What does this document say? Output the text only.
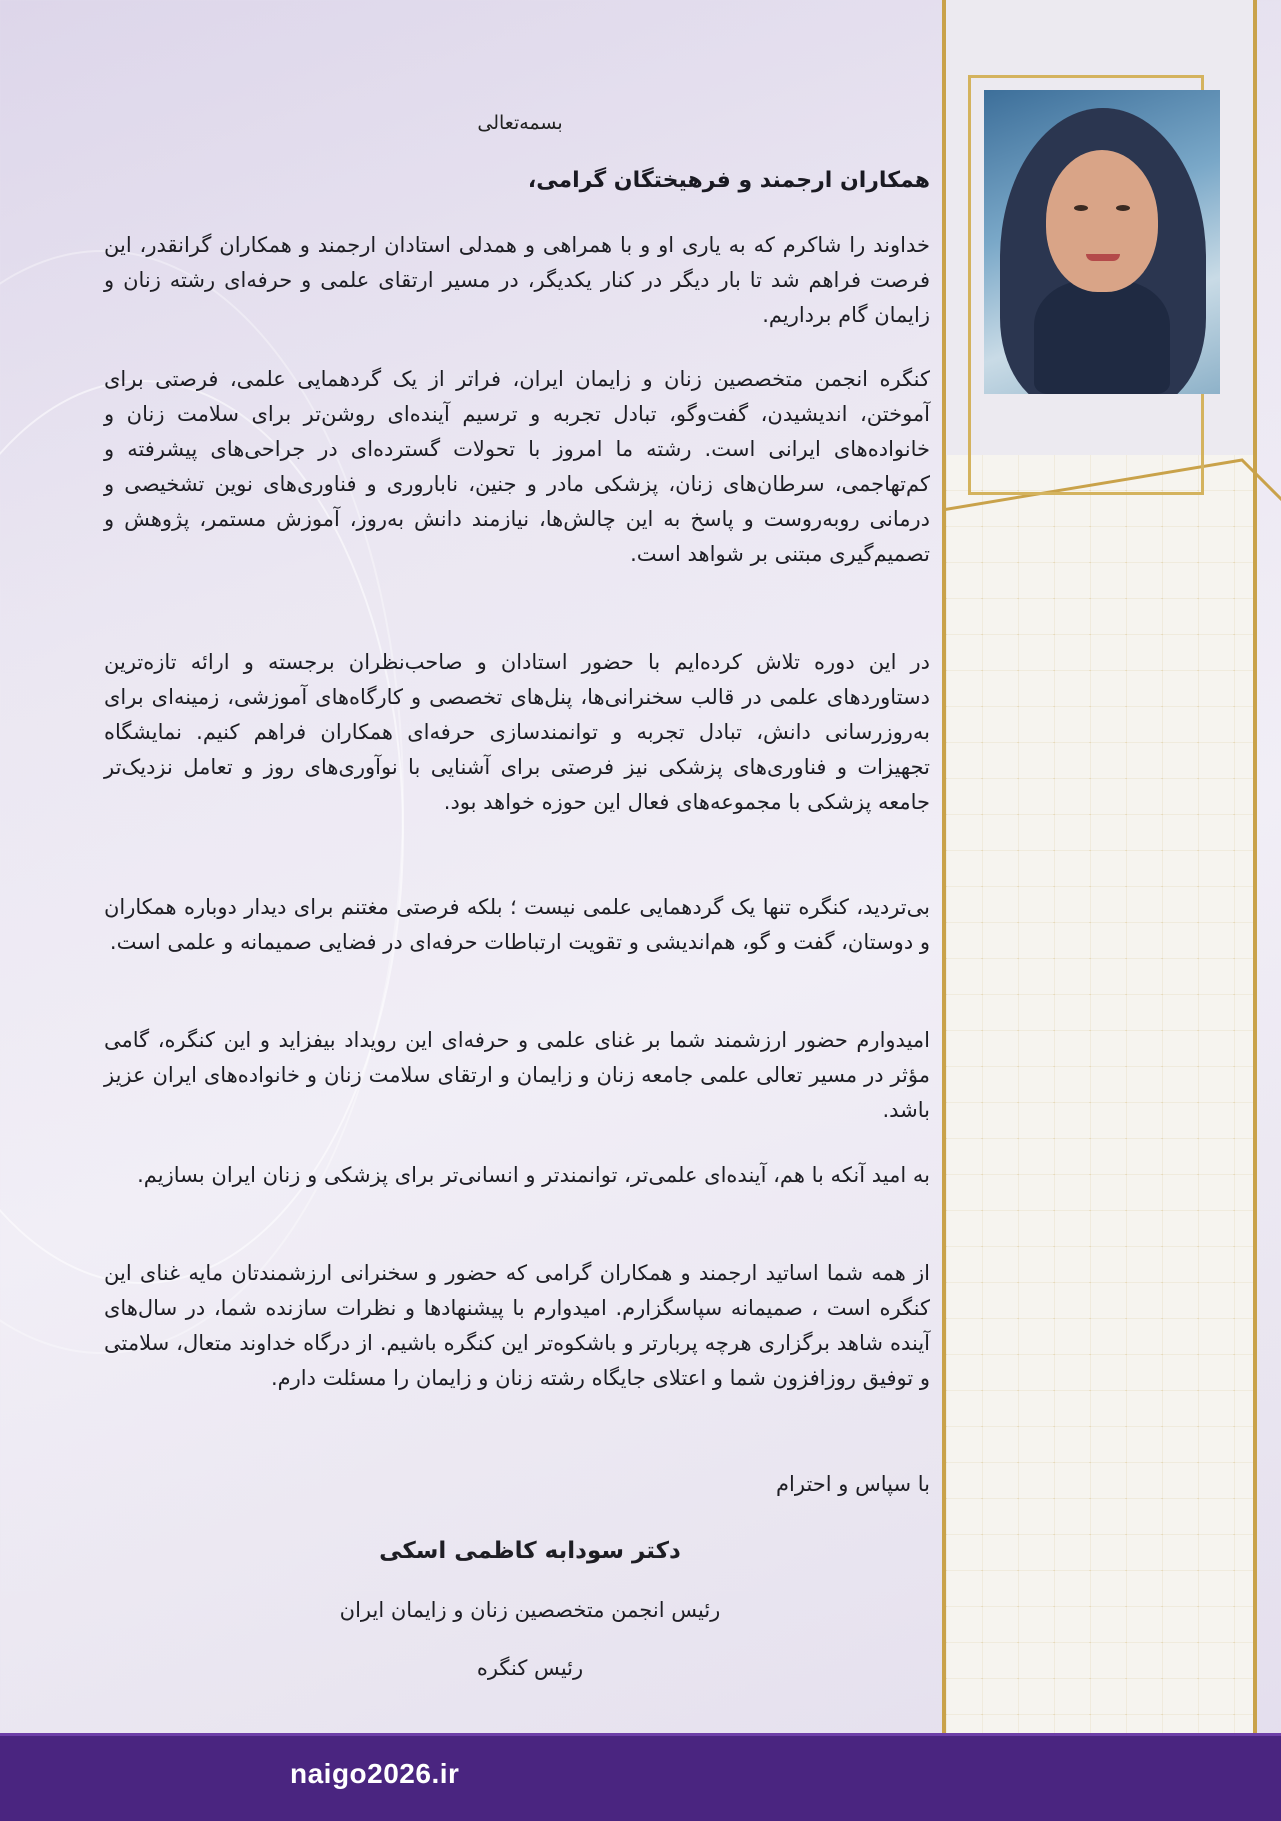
بسمه‌تعالی
همکاران ارجمند و فرهیختگان گرامی،

خداوند را شاکرم که به یاری او و با همراهی و همدلی استادان ارجمند و همکاران گرانقدر، این فرصت فراهم شد تا بار دیگر در کنار یکدیگر، در مسیر ارتقای علمی و حرفه‌ای رشته زنان و زایمان گام برداریم.

کنگره انجمن متخصصین زنان و زایمان ایران، فراتر از یک گردهمایی علمی، فرصتی برای آموختن، اندیشیدن، گفت‌وگو، تبادل تجربه و ترسیم آینده‌ای روشن‌تر برای سلامت زنان و خانواده‌های ایرانی است. رشته ما امروز با تحولات گسترده‌ای در جراحی‌های پیشرفته و کم‌تهاجمی، سرطان‌های زنان، پزشکی مادر و جنین، ناباروری و فناوری‌های نوین تشخیصی و درمانی روبه‌روست و پاسخ به این چالش‌ها، نیازمند دانش به‌روز، آموزش مستمر، پژوهش و تصمیم‌گیری مبتنی بر شواهد است.

در این دوره تلاش کرده‌ایم با حضور استادان و صاحب‌نظران برجسته و ارائه تازه‌ترین دستاوردهای علمی در قالب سخنرانی‌ها، پنل‌های تخصصی و کارگاه‌های آموزشی، زمینه‌ای برای به‌روزرسانی دانش، تبادل تجربه و توانمندسازی حرفه‌ای همکاران فراهم کنیم. نمایشگاه تجهیزات و فناوری‌های پزشکی نیز فرصتی برای آشنایی با نوآوری‌های روز و تعامل نزدیک‌تر جامعه پزشکی با مجموعه‌های فعال این حوزه خواهد بود.

بی‌تردید، کنگره تنها یک گردهمایی علمی نیست ؛ بلکه فرصتی مغتنم برای دیدار دوباره همکاران و دوستان، گفت و گو، هم‌اندیشی و تقویت ارتباطات حرفه‌ای در فضایی صمیمانه و علمی است.

امیدوارم حضور ارزشمند شما بر غنای علمی و حرفه‌ای این رویداد بیفزاید و این کنگره، گامی مؤثر در مسیر تعالی علمی جامعه زنان و زایمان و ارتقای سلامت زنان و خانواده‌های ایران عزیز باشد.

به امید آنکه با هم، آینده‌ای علمی‌تر، توانمندتر و انسانی‌تر برای پزشکی و زنان ایران بسازیم.

از همه شما اساتید ارجمند و همکاران گرامی که حضور و سخنرانی ارزشمندتان مایه غنای این کنگره است ، صمیمانه سپاسگزارم. امیدوارم با پیشنهادها و نظرات سازنده شما، در سال‌های آینده شاهد برگزاری هرچه پربارتر و باشکوه‌تر این کنگره باشیم. از درگاه خداوند متعال، سلامتی و توفیق روزافزون شما و اعتلای جایگاه رشته زنان و زایمان را مسئلت دارم.

با سپاس و احترام
دکتر سودابه کاظمی اسکی
رئیس انجمن متخصصین زنان و زایمان ایران
رئیس کنگره
naigo2026.ir
